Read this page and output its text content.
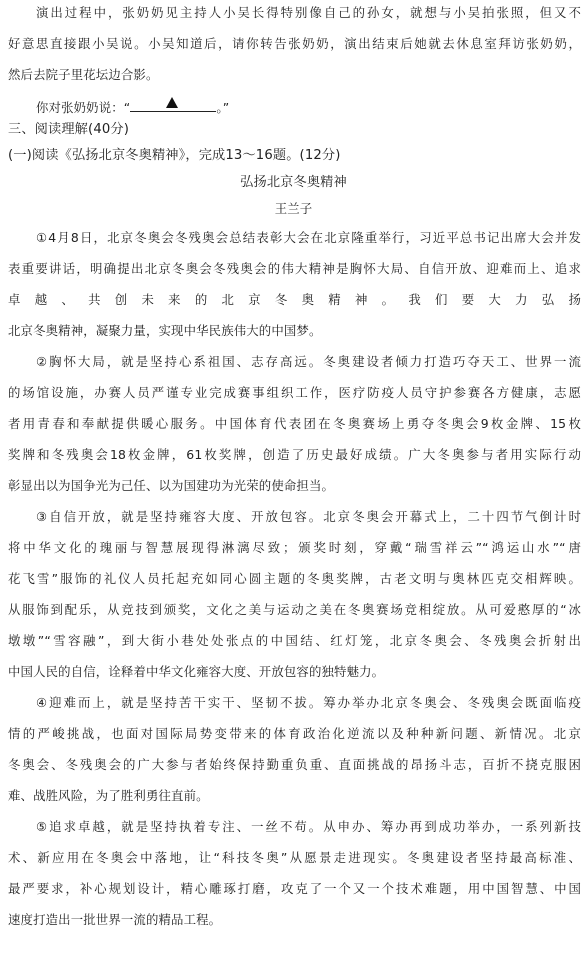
演出过程中，张奶奶见主持人小吴长得特别像自己的孙女，就想与小吴拍张照，但又不
好意思直接跟小吴说。小吴知道后，请你转告张奶奶，演出结束后她就去休息室拜访张奶奶，
然后去院子里花坛边合影。
你对张奶奶说：“	。”
三、阅读理解(40分)
(一)阅读《弘扬北京冬奥精神》，完成13～16题。(12分)
弘扬北京冬奥精神
王兰子
①4月8日，北京冬奥会冬残奥会总结表彰大会在北京隆重举行，习近平总书记出席大会并发
表重要讲话，明确提出北京冬奥会冬残奥会的伟大精神是胸怀大局、自信开放、迎难而上、追求
卓越、共创未来的北京冬奥精神。我们要大力弘扬
北京冬奥精神，凝聚力量，实现中华民族伟大的中国梦。
②胸怀大局，就是坚持心系祖国、志存高远。冬奥建设者倾力打造巧夺天工、世界一流
的场馆设施，办赛人员严谨专业完成赛事组织工作，医疗防疫人员守护参赛各方健康，志愿
者用青春和奉献提供暖心服务。中国体育代表团在冬奥赛场上勇夺冬奥会9枚金牌、15枚
奖牌和冬残奥会18枚金牌，61枚奖牌，创造了历史最好成绩。广大冬奥参与者用实际行动
彰显出以为国争光为己任、以为国建功为光荣的使命担当。
③自信开放，就是坚持雍容大度、开放包容。北京冬奥会开幕式上，二十四节气倒计时
将中华文化的瑰丽与智慧展现得淋漓尽致；颁奖时刻，穿戴“瑞雪祥云”“鸿运山水”“唐
花飞雪”服饰的礼仪人员托起充如同心圆主题的冬奥奖牌，古老文明与奥林匹克交相辉映。
从服饰到配乐，从竞技到颁奖，文化之美与运动之美在冬奥赛场竞相绽放。从可爱憨厚的“冰
墩墩”“雪容融”，到大街小巷处处张点的中国结、红灯笼，北京冬奥会、冬残奥会折射出
中国人民的自信，诠释着中华文化雍容大度、开放包容的独特魅力。
④迎难而上，就是坚持苦干实干、坚韧不拔。筹办举办北京冬奥会、冬残奥会既面临疫
情的严峻挑战，也面对国际局势变带来的体育政治化逆流以及种种新问题、新情况。北京
冬奥会、冬残奥会的广大参与者始终保持勤重负重、直面挑战的昂扬斗志，百折不挠克服困
难、战胜风险，为了胜利勇往直前。
⑤追求卓越，就是坚持执着专注、一丝不苟。从申办、筹办再到成功举办，一系列新技
术、新应用在冬奥会中落地，让“科技冬奥”从愿景走进现实。冬奥建设者坚持最高标准、
最严要求，补心规划设计，精心雕琢打磨，攻克了一个又一个技术难题，用中国智慧、中国
速度打造出一批世界一流的精品工程。
